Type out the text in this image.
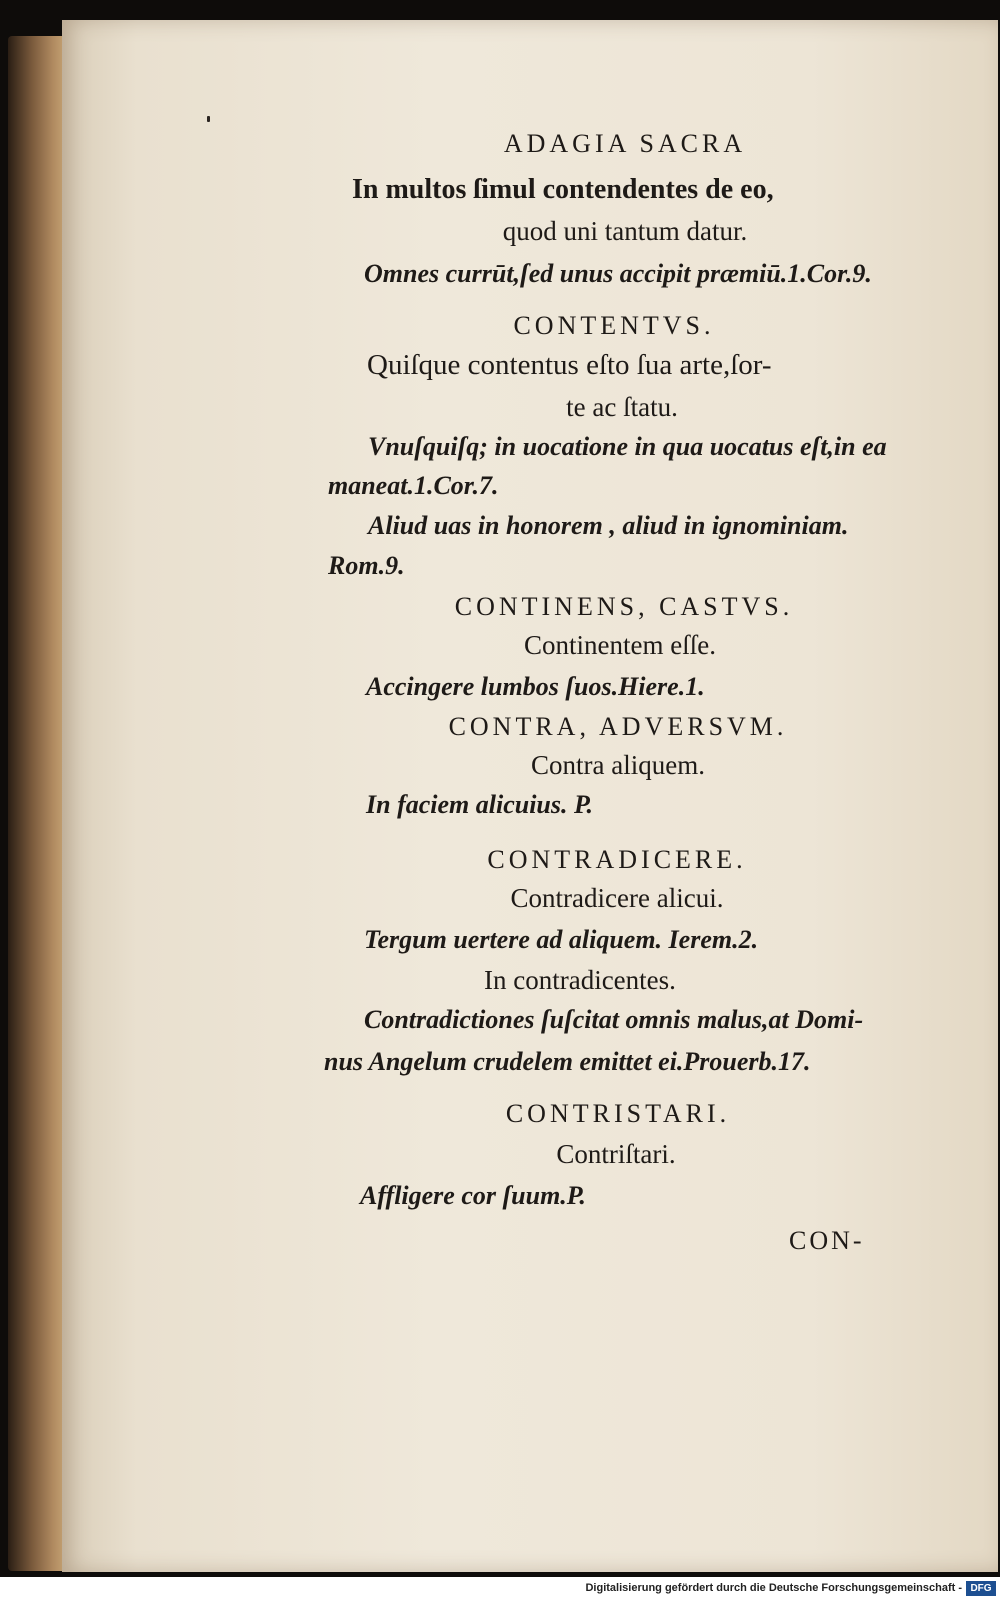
ADAGIA SACRA
In multos ſimul contendentes de eo,
quod uni tantum datur.
Omnes currūt,ſed unus accipit præmiū.1.Cor.9.
CONTENTVS.
Quiſque contentus eſto ſua arte,ſor-
te ac ſtatu.
Vnuſquiſq; in uocatione in qua uocatus eſt,in ea
maneat.1.Cor.7.
Aliud uas in honorem , aliud in ignominiam.
Rom.9.
CONTINENS, CASTVS.
Continentem eſſe.
Accingere lumbos ſuos.Hiere.1.
CONTRA, ADVERSVM.
Contra aliquem.
In faciem alicuius. P.
CONTRADICERE.
Contradicere alicui.
Tergum uertere ad aliquem. Ierem.2.
In contradicentes.
Contradictiones ſuſcitat omnis malus,at Domi-
nus Angelum crudelem emittet ei.Prouerb.17.
CONTRISTARI.
Contriſtari.
Affligere cor ſuum.P.
CON-
Digitalisierung gefördert durch die Deutsche Forschungsgemeinschaft - DFG
